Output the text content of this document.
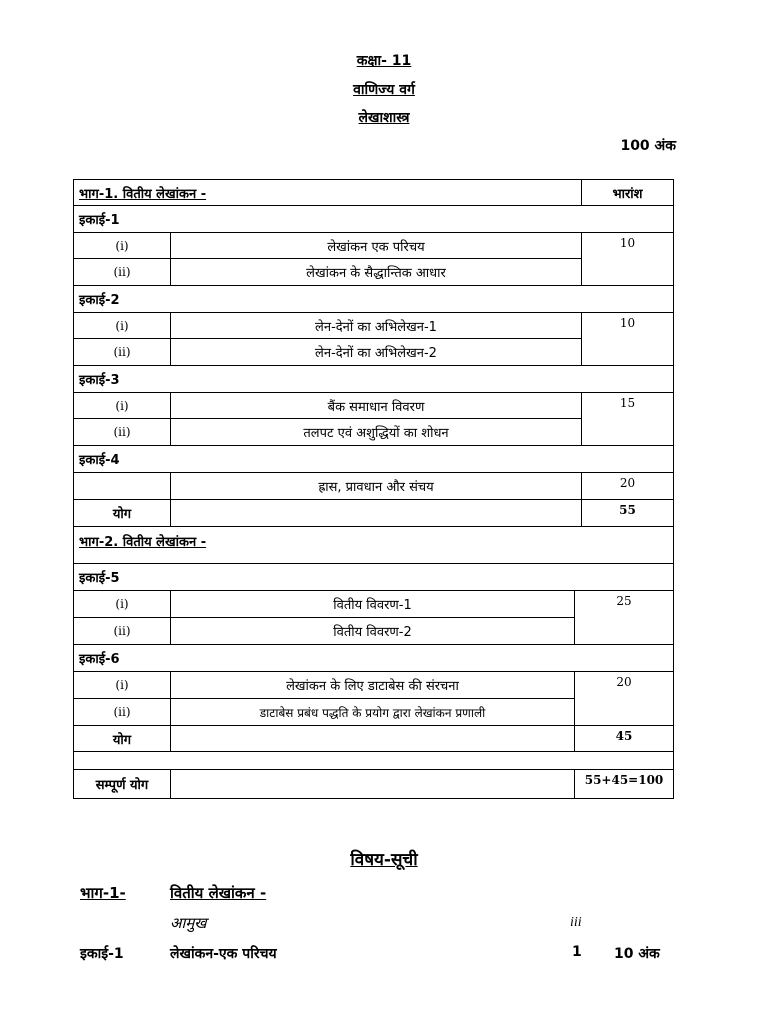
कक्षा- 11
वाणिज्य वर्ग
लेखाशास्त्र
100 अंक
भाग-1. वितीय लेखांकन -	भारांश
इकाई-1
(i)	लेखांकन एक परिचय	10
(ii)	लेखांकन के सैद्धान्तिक आधार
इकाई-2
(i)	लेन-देनों का अभिलेखन-1	10
(ii)	लेन-देनों का अभिलेखन-2
इकाई-3
(i)	बैंक समाधान विवरण	15
(ii)	तलपट एवं अशुद्धियों का शोधन
इकाई-4
ह्रास, प्रावधान और संचय	20
योग	55
भाग-2. वितीय लेखांकन -
इकाई-5
(i)	वितीय विवरण-1	25
(ii)	वितीय विवरण-2
इकाई-6
(i)	लेखांकन के लिए डाटाबेस की संरचना	20
(ii)	डाटाबेस प्रबंध पद्धति के प्रयोग द्वारा लेखांकन प्रणाली
योग	45
सम्पूर्ण योग	55+45=100
विषय-सूची
भाग-1-	वितीय लेखांकन -
आमुख	iii
इकाई-1	लेखांकन-एक परिचय	1 10 अंक
